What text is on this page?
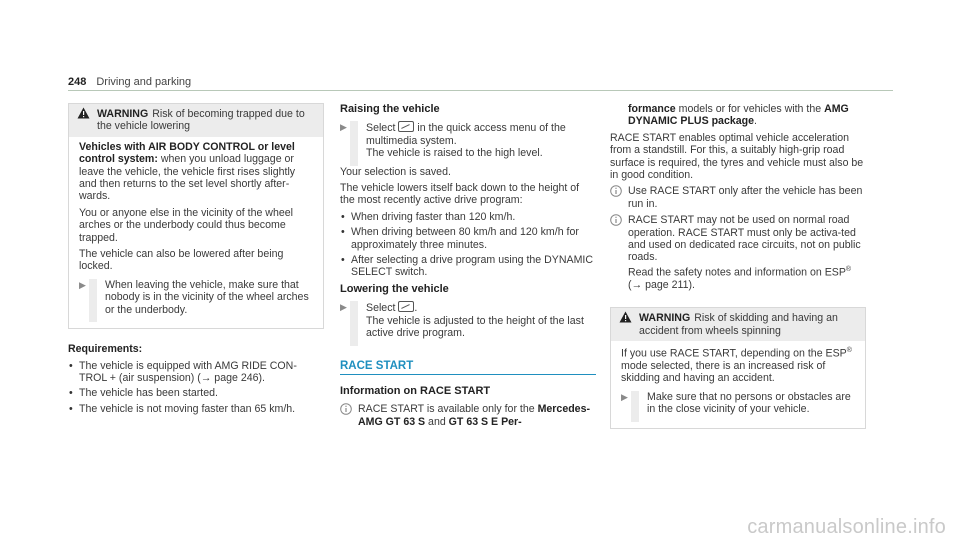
248 Driving and parking
WARNING Risk of becoming trapped due to the vehicle lowering

Vehicles with AIR BODY CONTROL or level control system: when you unload luggage or leave the vehicle, the vehicle first rises slightly and then returns to the set level shortly after-wards.

You or anyone else in the vicinity of the wheel arches or the underbody could thus become trapped.

The vehicle can also be lowered after being locked.

▶	When leaving the vehicle, make sure that nobody is in the vicinity of the wheel arches or the underbody.

Requirements:

• The vehicle is equipped with AMG RIDE CON-TROL + (air suspension) (→ page 246).
• The vehicle has been started.
• The vehicle is not moving faster than 65 km/h.
Raising the vehicle
▶	Select  in the quick access menu of the multimedia system.
The vehicle is raised to the high level.

Your selection is saved.

The vehicle lowers itself back down to the height of the most recently active drive program:

• When driving faster than 120 km/h.
• When driving between 80 km/h and 120 km/h for approximately three minutes.
• After selecting a drive program using the DYNAMIC SELECT switch.
Lowering the vehicle
▶	Select .
The vehicle is adjusted to the height of the last active drive program.
RACE START
Information on RACE START
RACE START is available only for the Mercedes-AMG GT 63 S and GT 63 S E Per-

formance models or for vehicles with the AMG DYNAMIC PLUS package.

RACE START enables optimal vehicle acceleration from a standstill. For this, a suitably high-grip road surface is required, the tyres and vehicle must also be in good condition.

Use RACE START only after the vehicle has been run in.
RACE START may not be used on normal road operation. RACE START must only be activa-ted and used on dedicated race circuits, not on public roads.
Read the safety notes and information on ESP® (→ page 211).
WARNING Risk of skidding and having an accident from wheels spinning

If you use RACE START, depending on the ESP® mode selected, there is an increased risk of skidding and having an accident.

▶	Make sure that no persons or obstacles are in the close vicinity of your vehicle.
carmanualsonline.info
